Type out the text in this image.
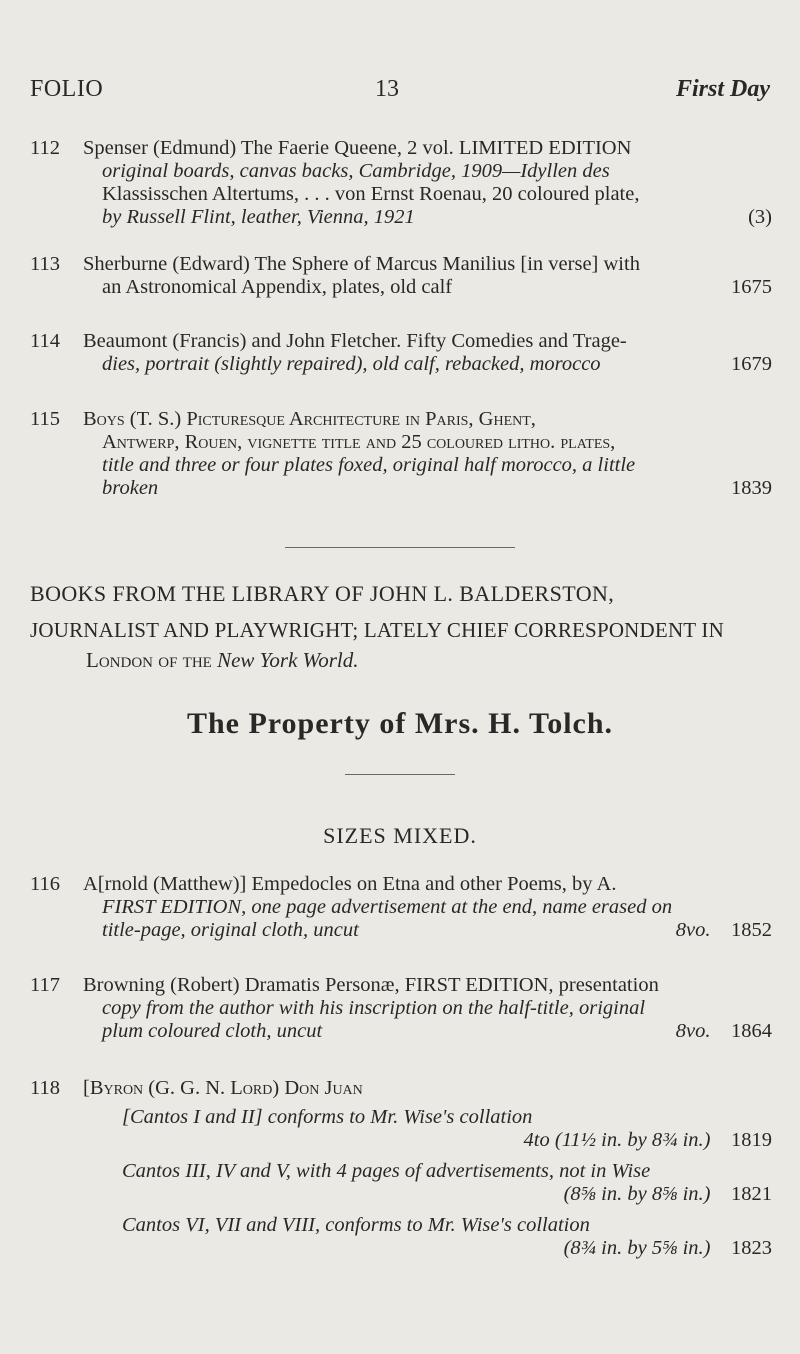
FOLIO	13	First Day
112	Spenser (Edmund) The Faerie Queene, 2 vol. LIMITED EDITION
original boards, canvas backs, Cambridge, 1909—Idyllen des
Klassisschen Altertums, . . . von Ernst Roenau, 20 coloured plate,
by Russell Flint, leather, Vienna, 1921	(3)
113	Sherburne (Edward) The Sphere of Marcus Manilius [in verse] with
an Astronomical Appendix, plates, old calf	1675
114	Beaumont (Francis) and John Fletcher. Fifty Comedies and Trage-
dies, portrait (slightly repaired), old calf, rebacked, morocco	1679
115	Boys (T. S.) Picturesque Architecture in Paris, Ghent,
Antwerp, Rouen, vignette title and 25 coloured litho. plates,
title and three or four plates foxed, original half morocco, a little
broken	1839
BOOKS FROM THE LIBRARY OF JOHN L. BALDERSTON,
JOURNALIST AND PLAYWRIGHT; LATELY CHIEF CORRESPONDENT IN
London of the New York World.
The Property of Mrs. H. Tolch.
SIZES MIXED.
116	A[rnold (Matthew)] Empedocles on Etna and other Poems, by A.
FIRST EDITION, one page advertisement at the end, name erased on
title-page, original cloth, uncut	8vo. 1852
117	Browning (Robert) Dramatis Personæ, FIRST EDITION, presentation
copy from the author with his inscription on the half-title, original
plum coloured cloth, uncut	8vo. 1864
118	[Byron (G. G. N. Lord) Don Juan
[Cantos I and II] conforms to Mr. Wise's collation
4to (11½ in. by 8¾ in.) 1819
Cantos III, IV and V, with 4 pages of advertisements, not in Wise
(8⅝ in. by 8⅝ in.) 1821
Cantos VI, VII and VIII, conforms to Mr. Wise's collation
(8¾ in. by 5⅝ in.) 1823
